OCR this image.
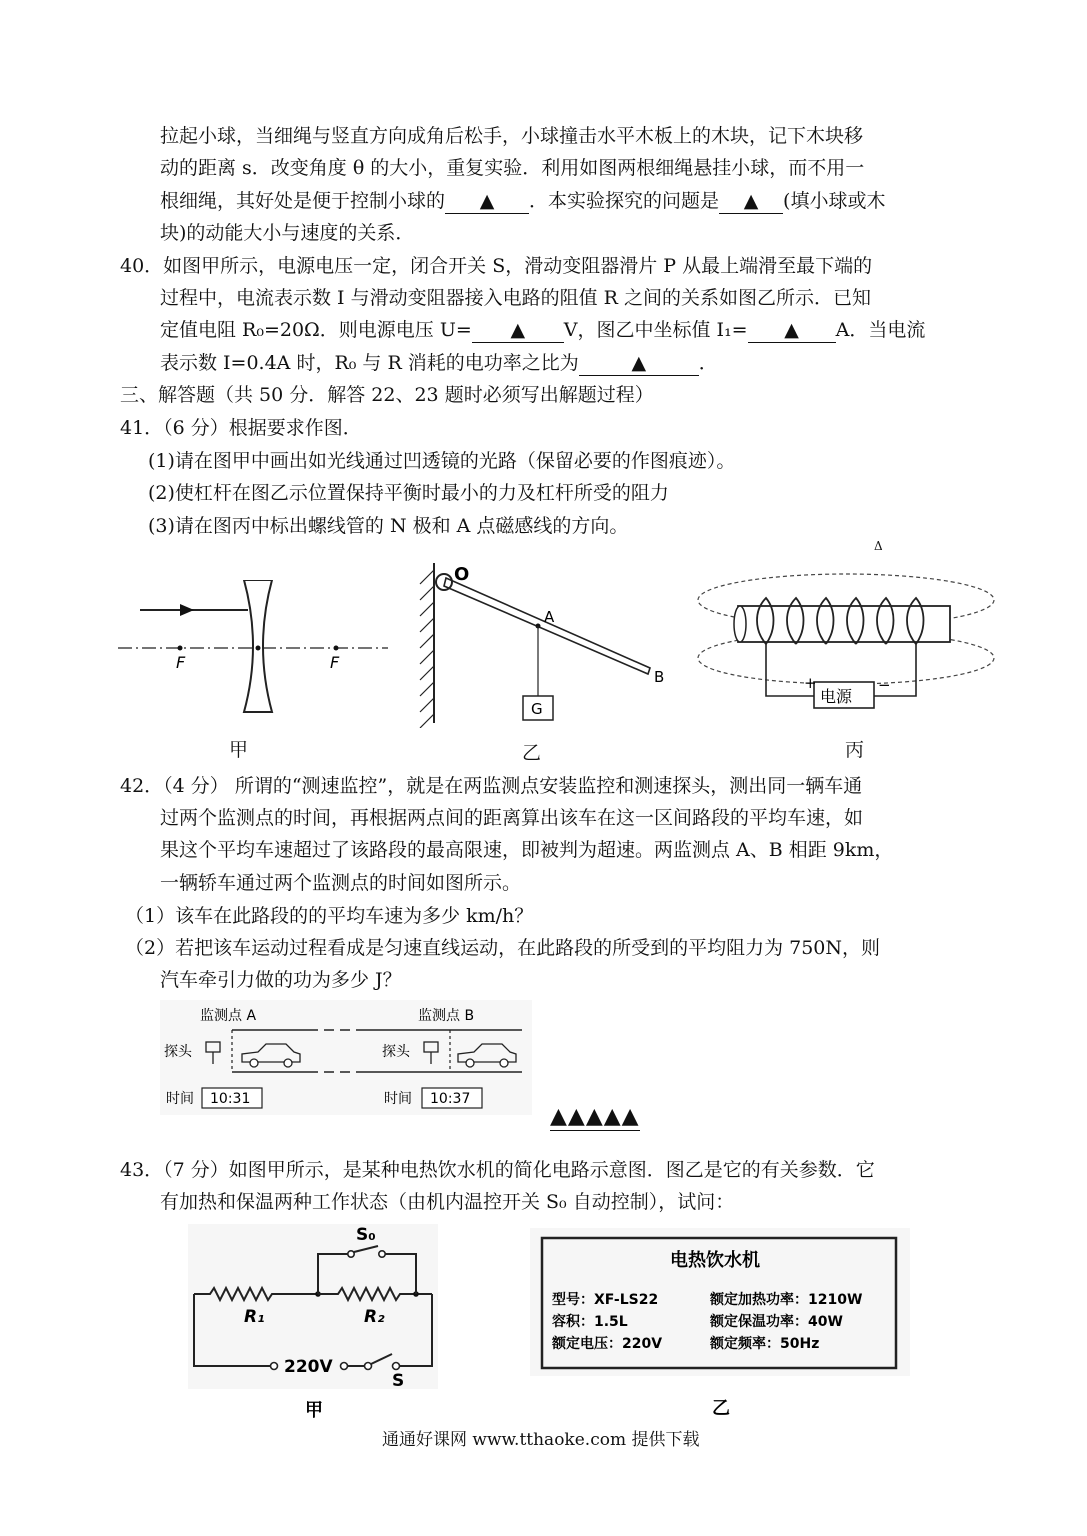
拉起小球，当细绳与竖直方向成角后松手，小球撞击水平木板上的木块，记下木块移
动的距离 s．改变角度 θ 的大小，重复实验．利用如图两根细绳悬挂小球，而不用一
根细绳，其好处是便于控制小球的 ▲ ．本实验探究的问题是 ▲ (填小球或木
块)的动能大小与速度的关系．
40．如图甲所示，电源电压一定，闭合开关 S，滑动变阻器滑片 P 从最上端滑至最下端的
过程中，电流表示数 I 与滑动变阻器接入电路的阻值 R 之间的关系如图乙所示．已知
定值电阻 R₀=20Ω．则电源电压 U= ▲ V，图乙中坐标值 I₁= ▲ A．当电流
表示数 I=0.4A 时，R₀ 与 R 消耗的电功率之比为	▲	．
三、解答题（共 50 分．解答 22、23 题时必须写出解题过程）
41．（6 分）根据要求作图．
(1)请在图甲中画出如光线通过凹透镜的光路（保留必要的作图痕迹）。
(2)使杠杆在图乙示位置保持平衡时最小的力及杠杆所受的阻力
(3)请在图丙中标出螺线管的 N 极和 A 点磁感线的方向。
Δ
F	F
甲
O
A
B
G
乙
+
电源
−
丙
42．（4 分） 所谓的“测速监控”，就是在两监测点安装监控和测速探头，测出同一辆车通
过两个监测点的时间，再根据两点间的距离算出该车在这一区间路段的平均车速，如
果这个平均车速超过了该路段的最高限速，即被判为超速。两监测点 A、B 相距 9km，
一辆轿车通过两个监测点的时间如图所示。
（1）该车在此路段的的平均车速为多少 km/h？
（2）若把该车运动过程看成是匀速直线运动，在此路段的所受到的平均阻力为 750N，则
汽车牵引力做的功为多少 J？
监测点 A	监测点 B
探头	探头
时间 10:31	时间 10:37
▲▲▲▲▲
43．（7 分）如图甲所示，是某种电热饮水机的简化电路示意图．图乙是它的有关参数．它
有加热和保温两种工作状态（由机内温控开关 S₀ 自动控制），试问：
220V
S
R₁	R₂
S₀
甲
电热饮水机
型号：XF-LS22	额定加热功率：1210W
容积：1.5L	额定保温功率：40W
额定电压：220V	额定频率：50Hz
乙
通通好课网 www.tthaoke.com 提供下载
